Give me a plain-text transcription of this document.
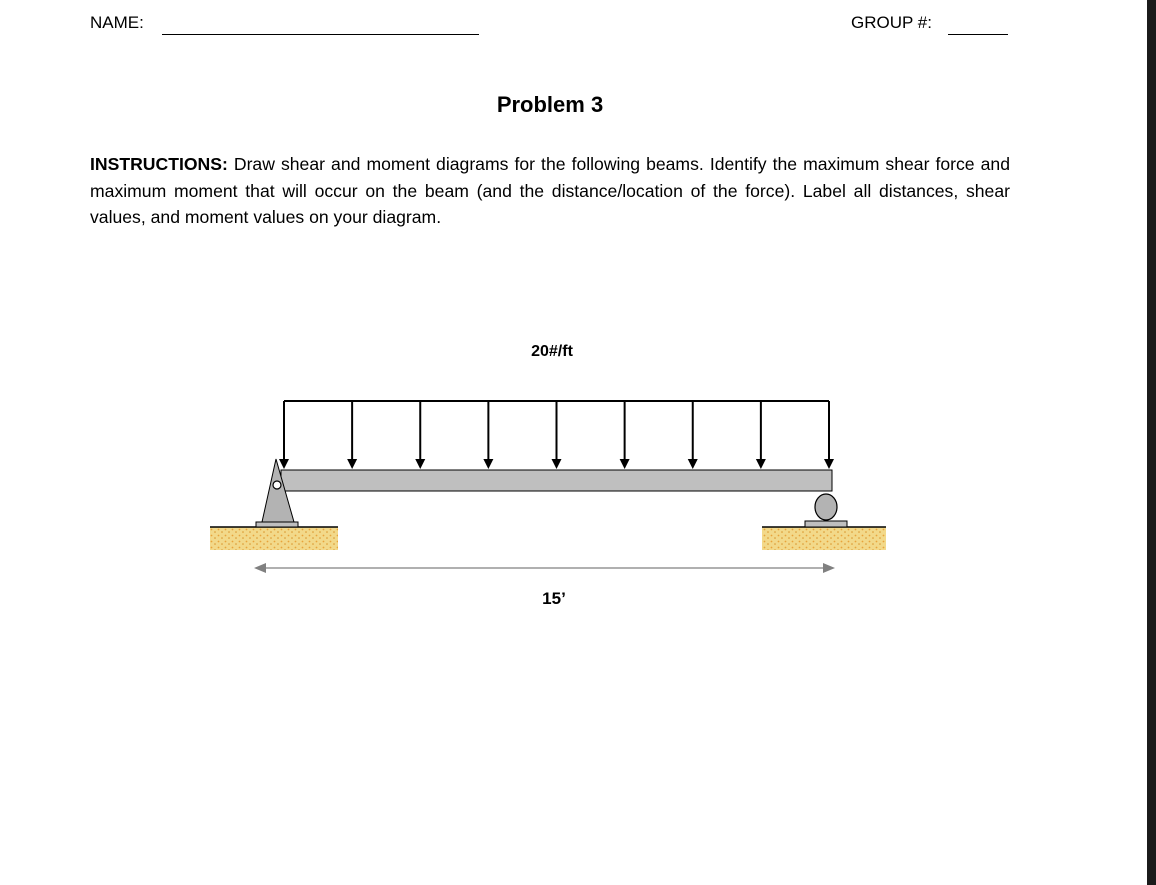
NAME:	GROUP #:
Problem 3

INSTRUCTIONS: Draw shear and moment diagrams for the following beams. Identify the maximum shear force and maximum moment that will occur on the beam (and the distance/location of the force). Label all distances, shear values, and moment values on your diagram.

20#/ft
15’
